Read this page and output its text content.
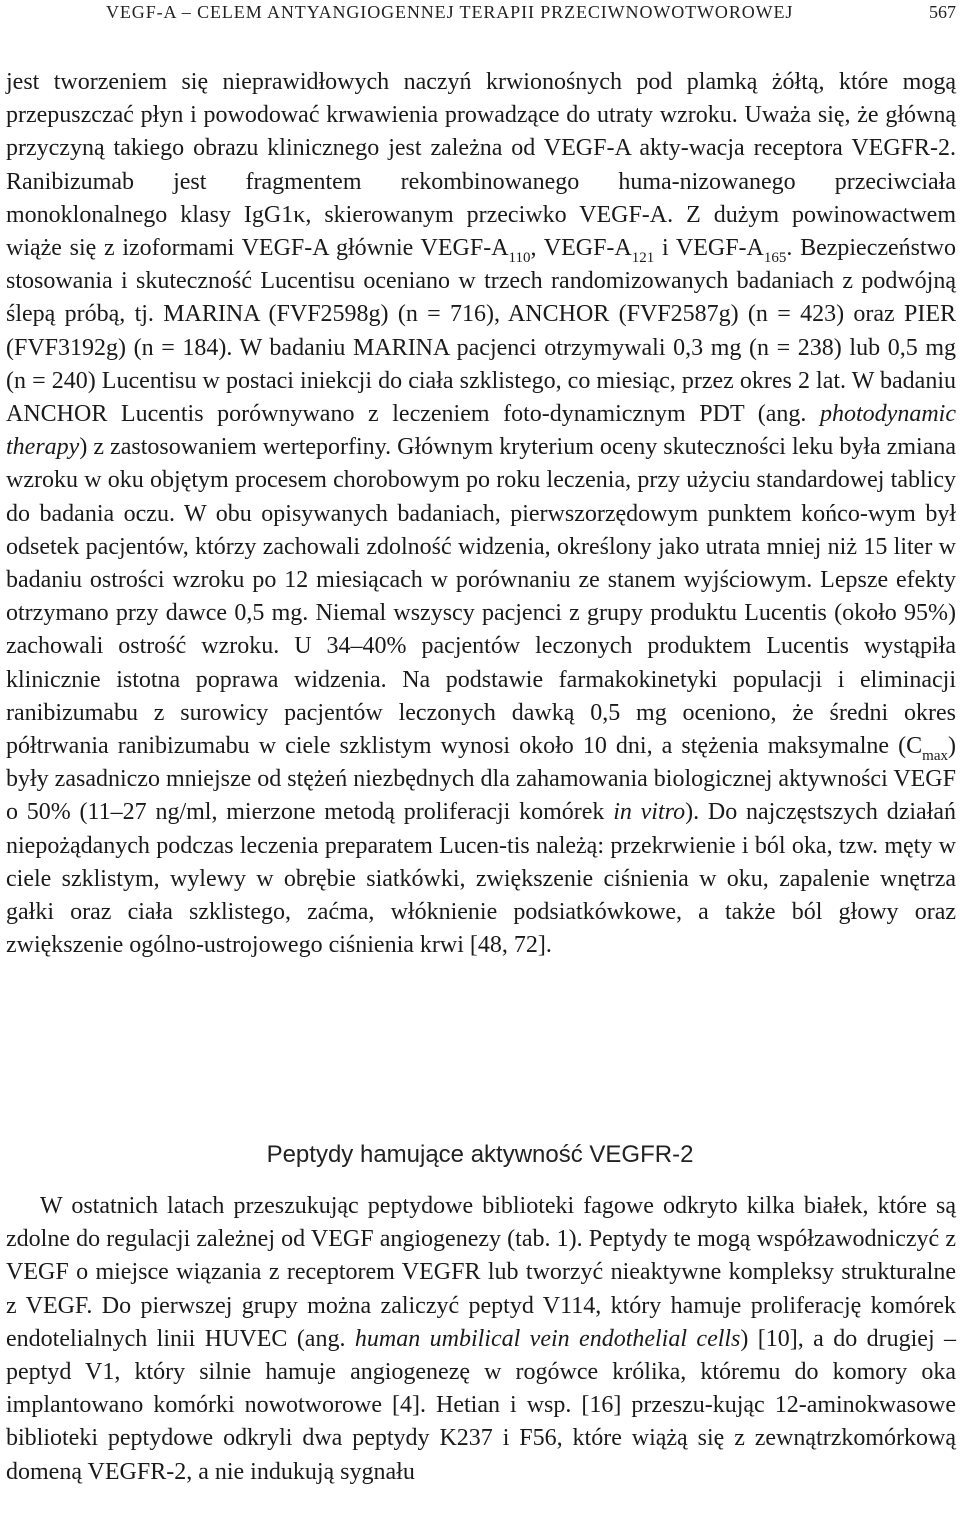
VEGF-A – CELEM ANTYANGIOGENNEJ TERAPII PRZECIWNOWOTWOROWEJ	567

jest tworzeniem się nieprawidłowych naczyń krwionośnych pod plamką żółtą, które mogą przepuszczać płyn i powodować krwawienia prowadzące do utraty wzroku. Uważa się, że główną przyczyną takiego obrazu klinicznego jest zależna od VEGF-A akty-wacja receptora VEGFR-2. Ranibizumab jest fragmentem rekombinowanego huma-nizowanego przeciwciała monoklonalnego klasy IgG1κ, skierowanym przeciwko VEGF-A. Z dużym powinowactwem wiąże się z izoformami VEGF-A głównie VEGF-$A_{110}$, VEGF-$A_{121}$ i VEGF-$A_{165}$. Bezpieczeństwo stosowania i skuteczność Lucentisu oceniano w trzech randomizowanych badaniach z podwójną ślepą próbą, tj. MARINA (FVF2598g) (n = 716), ANCHOR (FVF2587g) (n = 423) oraz PIER (FVF3192g) (n = 184). W badaniu MARINA pacjenci otrzymywali 0,3 mg (n = 238) lub 0,5 mg (n = 240) Lucentisu w postaci iniekcji do ciała szklistego, co miesiąc, przez okres 2 lat. W badaniu ANCHOR Lucentis porównywano z leczeniem foto-dynamicznym PDT (ang. photodynamic therapy) z zastosowaniem werteporfiny. Głównym kryterium oceny skuteczności leku była zmiana wzroku w oku objętym procesem chorobowym po roku leczenia, przy użyciu standardowej tablicy do badania oczu. W obu opisywanych badaniach, pierwszorzędowym punktem końco-wym był odsetek pacjentów, którzy zachowali zdolność widzenia, określony jako utrata mniej niż 15 liter w badaniu ostrości wzroku po 12 miesiącach w porównaniu ze stanem wyjściowym. Lepsze efekty otrzymano przy dawce 0,5 mg. Niemal wszyscy pacjenci z grupy produktu Lucentis (około 95%) zachowali ostrość wzroku. U 34–40% pacjentów leczonych produktem Lucentis wystąpiła klinicznie istotna poprawa widzenia. Na podstawie farmakokinetyki populacji i eliminacji ranibizumabu z surowicy pacjentów leczonych dawką 0,5 mg oceniono, że średni okres półtrwania ranibizumabu w ciele szklistym wynosi około 10 dni, a stężenia maksymalne $(C_{max})$ były zasadniczo mniejsze od stężeń niezbędnych dla zahamowania biologicznej aktywności VEGF o 50% (11–27 ng/ml, mierzone metodą proliferacji komórek in vitro). Do najczęstszych działań niepożądanych podczas leczenia preparatem Lucen-tis należą: przekrwienie i ból oka, tzw. męty w ciele szklistym, wylewy w obrębie siatkówki, zwiększenie ciśnienia w oku, zapalenie wnętrza gałki oraz ciała szklistego, zaćma, włóknienie podsiatkówkowe, a także ból głowy oraz zwiększenie ogólno-ustrojowego ciśnienia krwi [48, 72].

Peptydy hamujące aktywność VEGFR-2

W ostatnich latach przeszukując peptydowe biblioteki fagowe odkryto kilka białek, które są zdolne do regulacji zależnej od VEGF angiogenezy (tab. 1). Peptydy te mogą współzawodniczyć z VEGF o miejsce wiązania z receptorem VEGFR lub tworzyć nieaktywne kompleksy strukturalne z VEGF. Do pierwszej grupy można zaliczyć peptyd V114, który hamuje proliferację komórek endotelialnych linii HUVEC (ang. human umbilical vein endothelial cells) [10], a do drugiej – peptyd V1, który silnie hamuje angiogenezę w rogówce królika, któremu do komory oka implantowano komórki nowotworowe [4]. Hetian i wsp. [16] przeszu-kując 12-aminokwasowe biblioteki peptydowe odkryli dwa peptydy K237 i F56, które wiążą się z zewnątrzkomórkową domeną VEGFR-2, a nie indukują sygnału
